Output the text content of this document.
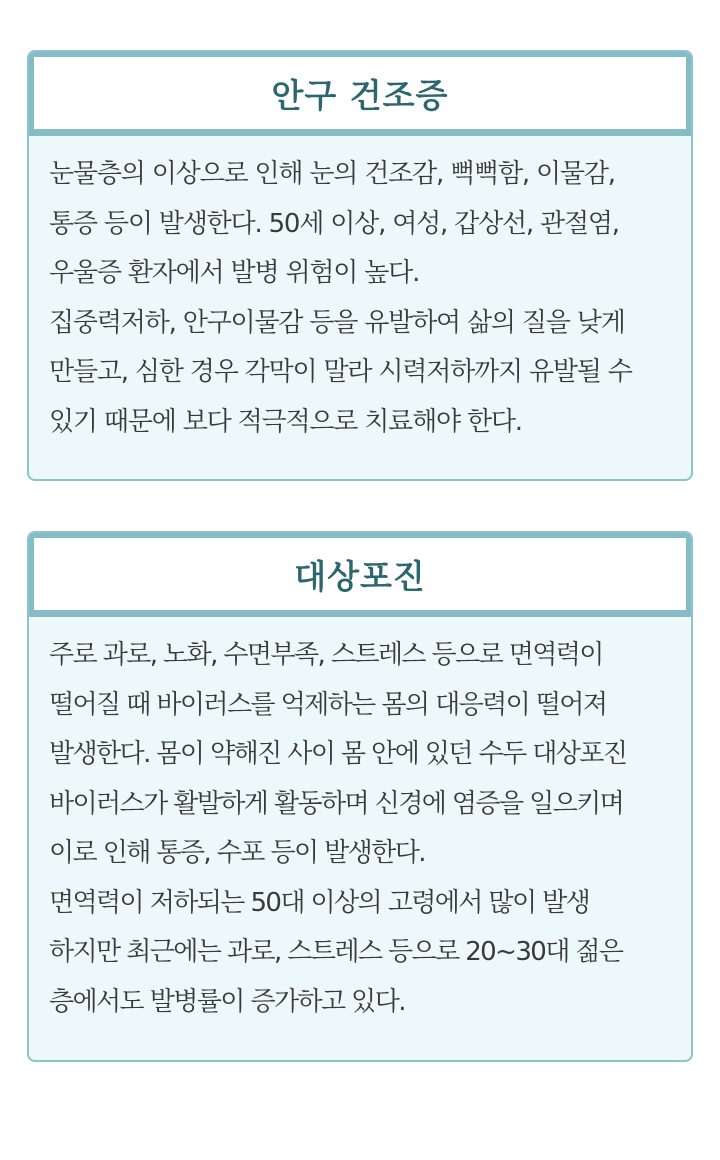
안구 건조증

눈물층의 이상으로 인해 눈의 건조감, 뻑뻑함, 이물감,

통증 등이 발생한다. 50세 이상, 여성, 갑상선, 관절염,

우울증 환자에서 발병 위험이 높다.

집중력저하, 안구이물감 등을 유발하여 삶의 질을 낮게

만들고, 심한 경우 각막이 말라 시력저하까지 유발될 수

있기 때문에 보다 적극적으로 치료해야 한다.

대상포진

주로 과로, 노화, 수면부족, 스트레스 등으로 면역력이

떨어질 때 바이러스를 억제하는 몸의 대응력이 떨어져

발생한다. 몸이 약해진 사이 몸 안에 있던 수두 대상포진

바이러스가 활발하게 활동하며 신경에 염증을 일으키며

이로 인해 통증, 수포 등이 발생한다.

면역력이 저하되는 50대 이상의 고령에서 많이 발생

하지만 최근에는 과로, 스트레스 등으로 20~30대 젊은

층에서도 발병률이 증가하고 있다.
